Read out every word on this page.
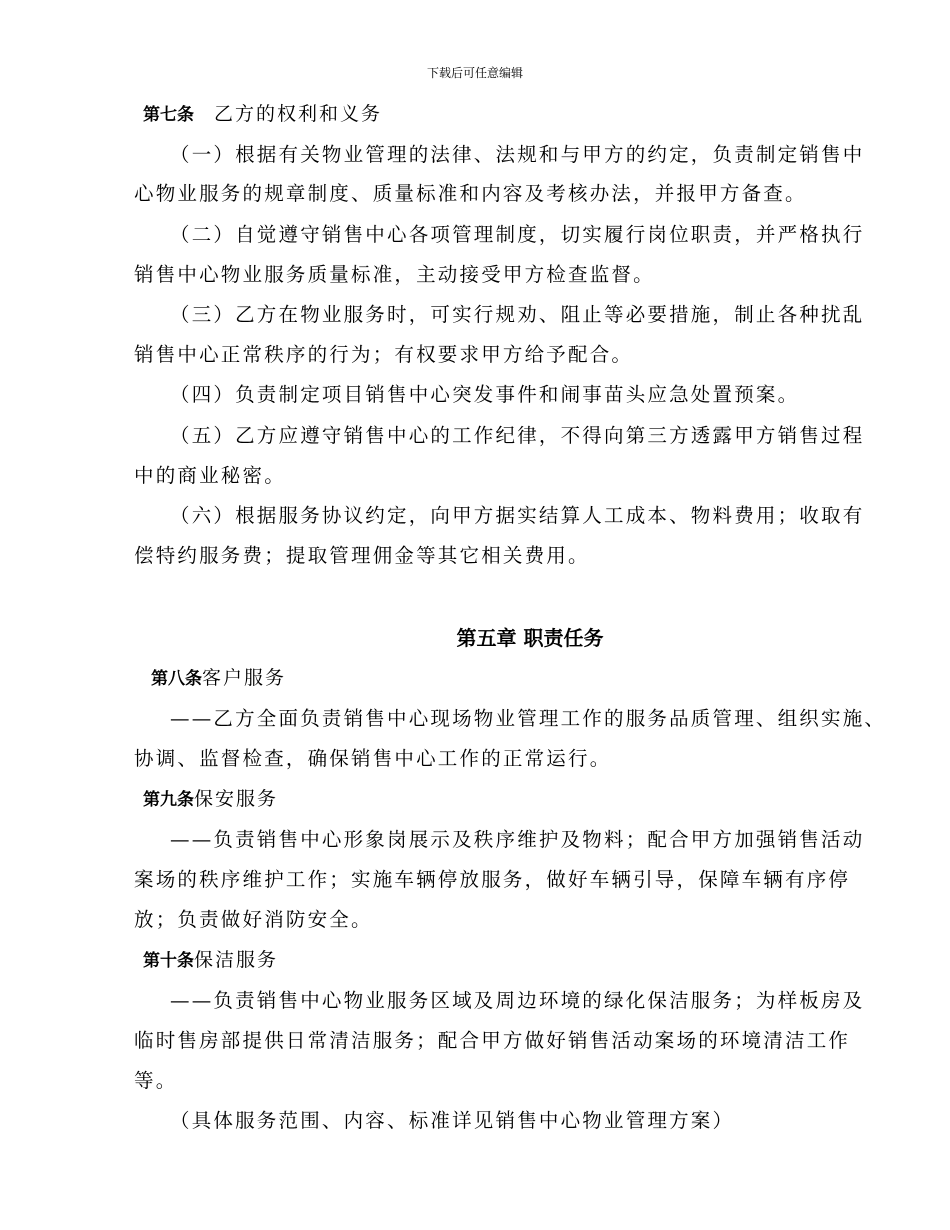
下载后可任意编辑
第七条 乙方的权利和义务
（一）根据有关物业管理的法律、法规和与甲方的约定，负责制定销售中
心物业服务的规章制度、质量标准和内容及考核办法，并报甲方备查。
（二）自觉遵守销售中心各项管理制度，切实履行岗位职责，并严格执行
销售中心物业服务质量标准，主动接受甲方检查监督。
（三）乙方在物业服务时，可实行规劝、阻止等必要措施，制止各种扰乱
销售中心正常秩序的行为；有权要求甲方给予配合。
（四）负责制定项目销售中心突发事件和闹事苗头应急处置预案。
（五）乙方应遵守销售中心的工作纪律，不得向第三方透露甲方销售过程
中的商业秘密。
（六）根据服务协议约定，向甲方据实结算人工成本、物料费用；收取有
偿特约服务费；提取管理佣金等其它相关费用。
第五章 职责任务
第八条客户服务
——乙方全面负责销售中心现场物业管理工作的服务品质管理、组织实施、
协调、监督检查，确保销售中心工作的正常运行。
第九条保安服务
——负责销售中心形象岗展示及秩序维护及物料；配合甲方加强销售活动
案场的秩序维护工作；实施车辆停放服务，做好车辆引导，保障车辆有序停
放；负责做好消防安全。
第十条保洁服务
——负责销售中心物业服务区域及周边环境的绿化保洁服务；为样板房及
临时售房部提供日常清洁服务；配合甲方做好销售活动案场的环境清洁工作
等。
（具体服务范围、内容、标准详见销售中心物业管理方案）
